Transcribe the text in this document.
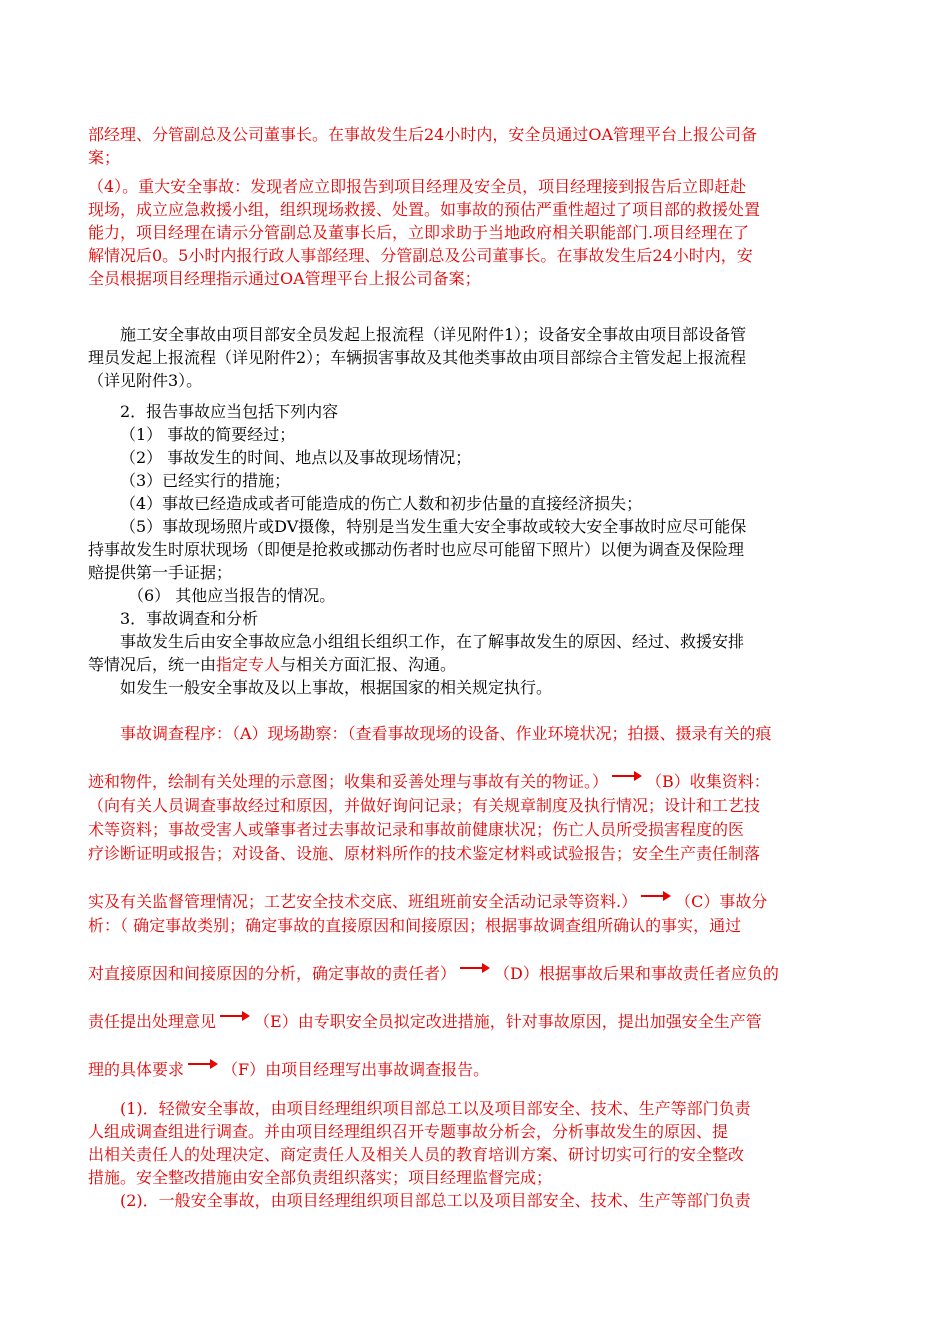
部经理、分管副总及公司董事长。在事故发生后24小时内，安全员通过OA管理平台上报公司备
案；
（4）。重大安全事故：发现者应立即报告到项目经理及安全员，项目经理接到报告后立即赶赴
现场，成立应急救援小组，组织现场救援、处置。如事故的预估严重性超过了项目部的救援处置
能力，项目经理在请示分管副总及董事长后，立即求助于当地政府相关职能部门.项目经理在了
解情况后0。5小时内报行政人事部经理、分管副总及公司董事长。在事故发生后24小时内，安
全员根据项目经理指示通过OA管理平台上报公司备案；
施工安全事故由项目部安全员发起上报流程（详见附件1）；设备安全事故由项目部设备管
理员发起上报流程（详见附件2）；车辆损害事故及其他类事故由项目部综合主管发起上报流程
（详见附件3）。
2．报告事故应当包括下列内容
（1） 事故的简要经过；
（2） 事故发生的时间、地点以及事故现场情况；
（3）已经实行的措施；
（4）事故已经造成或者可能造成的伤亡人数和初步估量的直接经济损失；
（5）事故现场照片或DV摄像，特别是当发生重大安全事故或较大安全事故时应尽可能保
持事故发生时原状现场（即便是抢救或挪动伤者时也应尽可能留下照片）以便为调查及保险理
赔提供第一手证据；
（6） 其他应当报告的情况。
3．事故调查和分析
事故发生后由安全事故应急小组组长组织工作，在了解事故发生的原因、经过、救援安排
等情况后，统一由指定专人与相关方面汇报、沟通。
如发生一般安全事故及以上事故，根据国家的相关规定执行。
事故调查程序：（A）现场勘察：（查看事故现场的设备、作业环境状况；拍摄、摄录有关的痕
迹和物件，绘制有关处理的示意图；收集和妥善处理与事故有关的物证。） （B）收集资料：
（向有关人员调查事故经过和原因，并做好询问记录；有关规章制度及执行情况；设计和工艺技
术等资料；事故受害人或肇事者过去事故记录和事故前健康状况；伤亡人员所受损害程度的医
疗诊断证明或报告；对设备、设施、原材料所作的技术鉴定材料或试验报告；安全生产责任制落
实及有关监督管理情况；工艺安全技术交底、班组班前安全活动记录等资料.） （C）事故分
析：（ 确定事故类别；确定事故的直接原因和间接原因；根据事故调查组所确认的事实，通过
对直接原因和间接原因的分析，确定事故的责任者） （D）根据事故后果和事故责任者应负的
责任提出处理意见 （E）由专职安全员拟定改进措施，针对事故原因，提出加强安全生产管
理的具体要求 （F）由项目经理写出事故调查报告。
(1)．轻微安全事故，由项目经理组织项目部总工以及项目部安全、技术、生产等部门负责
人组成调查组进行调查。并由项目经理组织召开专题事故分析会，分析事故发生的原因、提
出相关责任人的处理决定、商定责任人及相关人员的教育培训方案、研讨切实可行的安全整改
措施。安全整改措施由安全部负责组织落实；项目经理监督完成；
(2)．一般安全事故，由项目经理组织项目部总工以及项目部安全、技术、生产等部门负责
